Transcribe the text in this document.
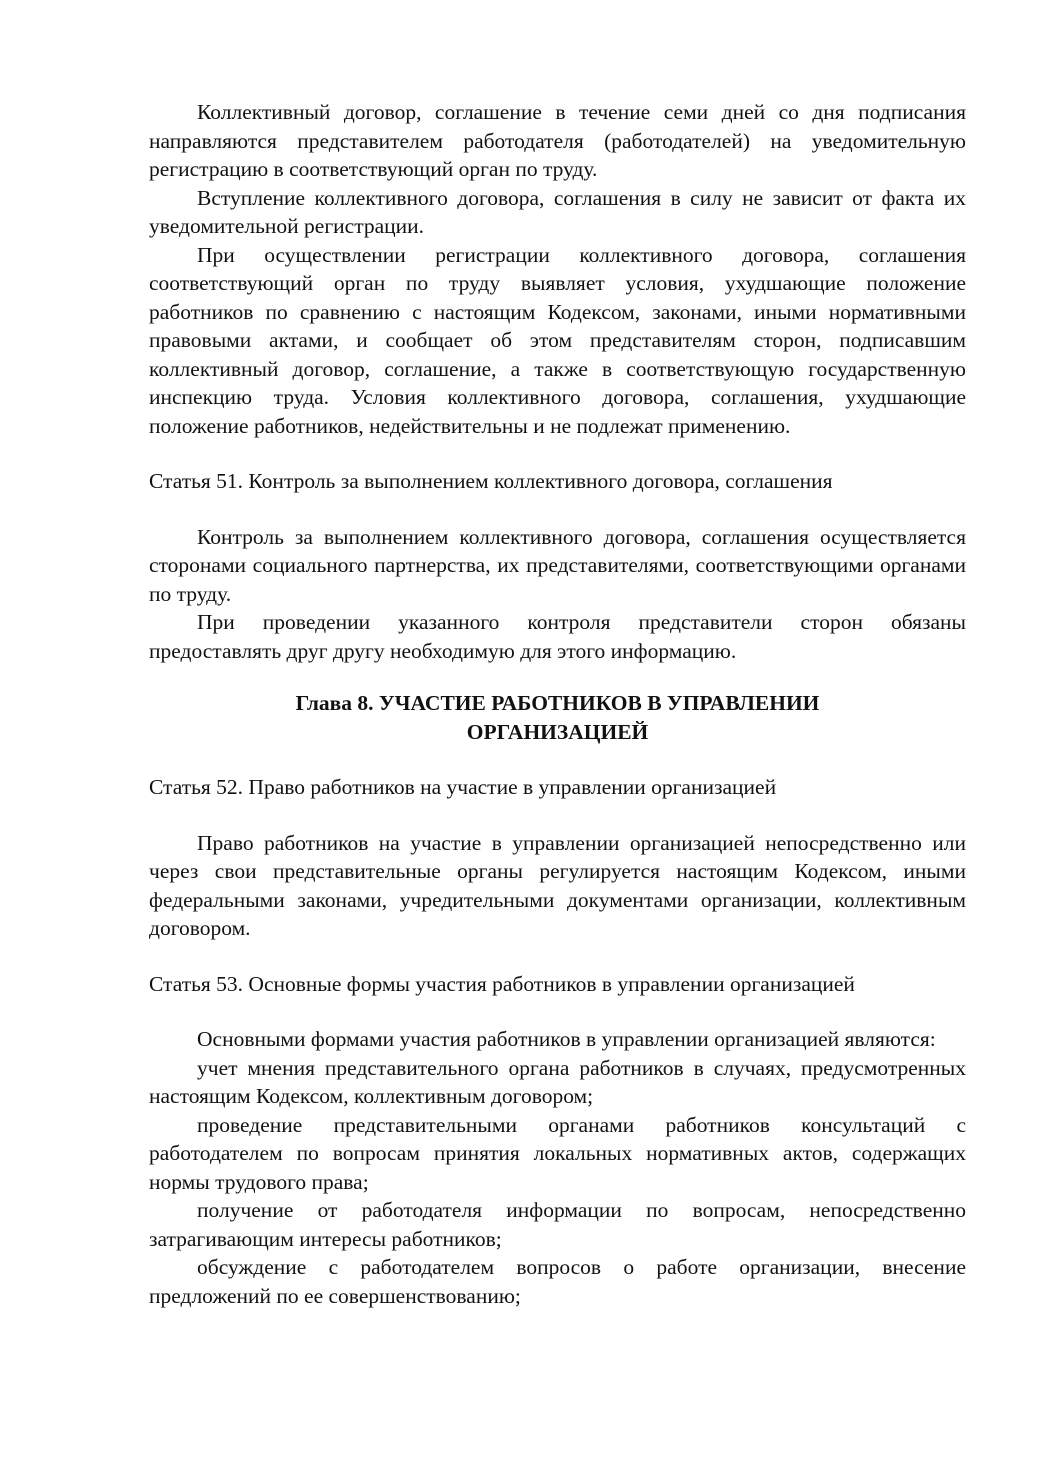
Коллективный договор, соглашение в течение семи дней со дня подписания направляются представителем работодателя (работодателей) на уведомительную регистрацию в соответствующий орган по труду.

Вступление коллективного договора, соглашения в силу не зависит от факта их уведомительной регистрации.

При осуществлении регистрации коллективного договора, соглашения соответствующий орган по труду выявляет условия, ухудшающие положение работников по сравнению с настоящим Кодексом, законами, иными нормативными правовыми актами, и сообщает об этом представителям сторон, подписавшим коллективный договор, соглашение, а также в соответствующую государственную инспекцию труда. Условия коллективного договора, соглашения, ухудшающие положение работников, недействительны и не подлежат применению.

Статья 51. Контроль за выполнением коллективного договора, соглашения

Контроль за выполнением коллективного договора, соглашения осуществляется сторонами социального партнерства, их представителями, соответствующими органами по труду.

При проведении указанного контроля представители сторон обязаны предоставлять друг другу необходимую для этого информацию.

Глава 8. УЧАСТИЕ РАБОТНИКОВ В УПРАВЛЕНИИ
ОРГАНИЗАЦИЕЙ

Статья 52. Право работников на участие в управлении организацией

Право работников на участие в управлении организацией непосредственно или через свои представительные органы регулируется настоящим Кодексом, иными федеральными законами, учредительными документами организации, коллективным договором.

Статья 53. Основные формы участия работников в управлении организацией

Основными формами участия работников в управлении организацией являются:

учет мнения представительного органа работников в случаях, предусмотренных настоящим Кодексом, коллективным договором;

проведение представительными органами работников консультаций с работодателем по вопросам принятия локальных нормативных актов, содержащих нормы трудового права;

получение от работодателя информации по вопросам, непосредственно затрагивающим интересы работников;

обсуждение с работодателем вопросов о работе организации, внесение предложений по ее совершенствованию;
